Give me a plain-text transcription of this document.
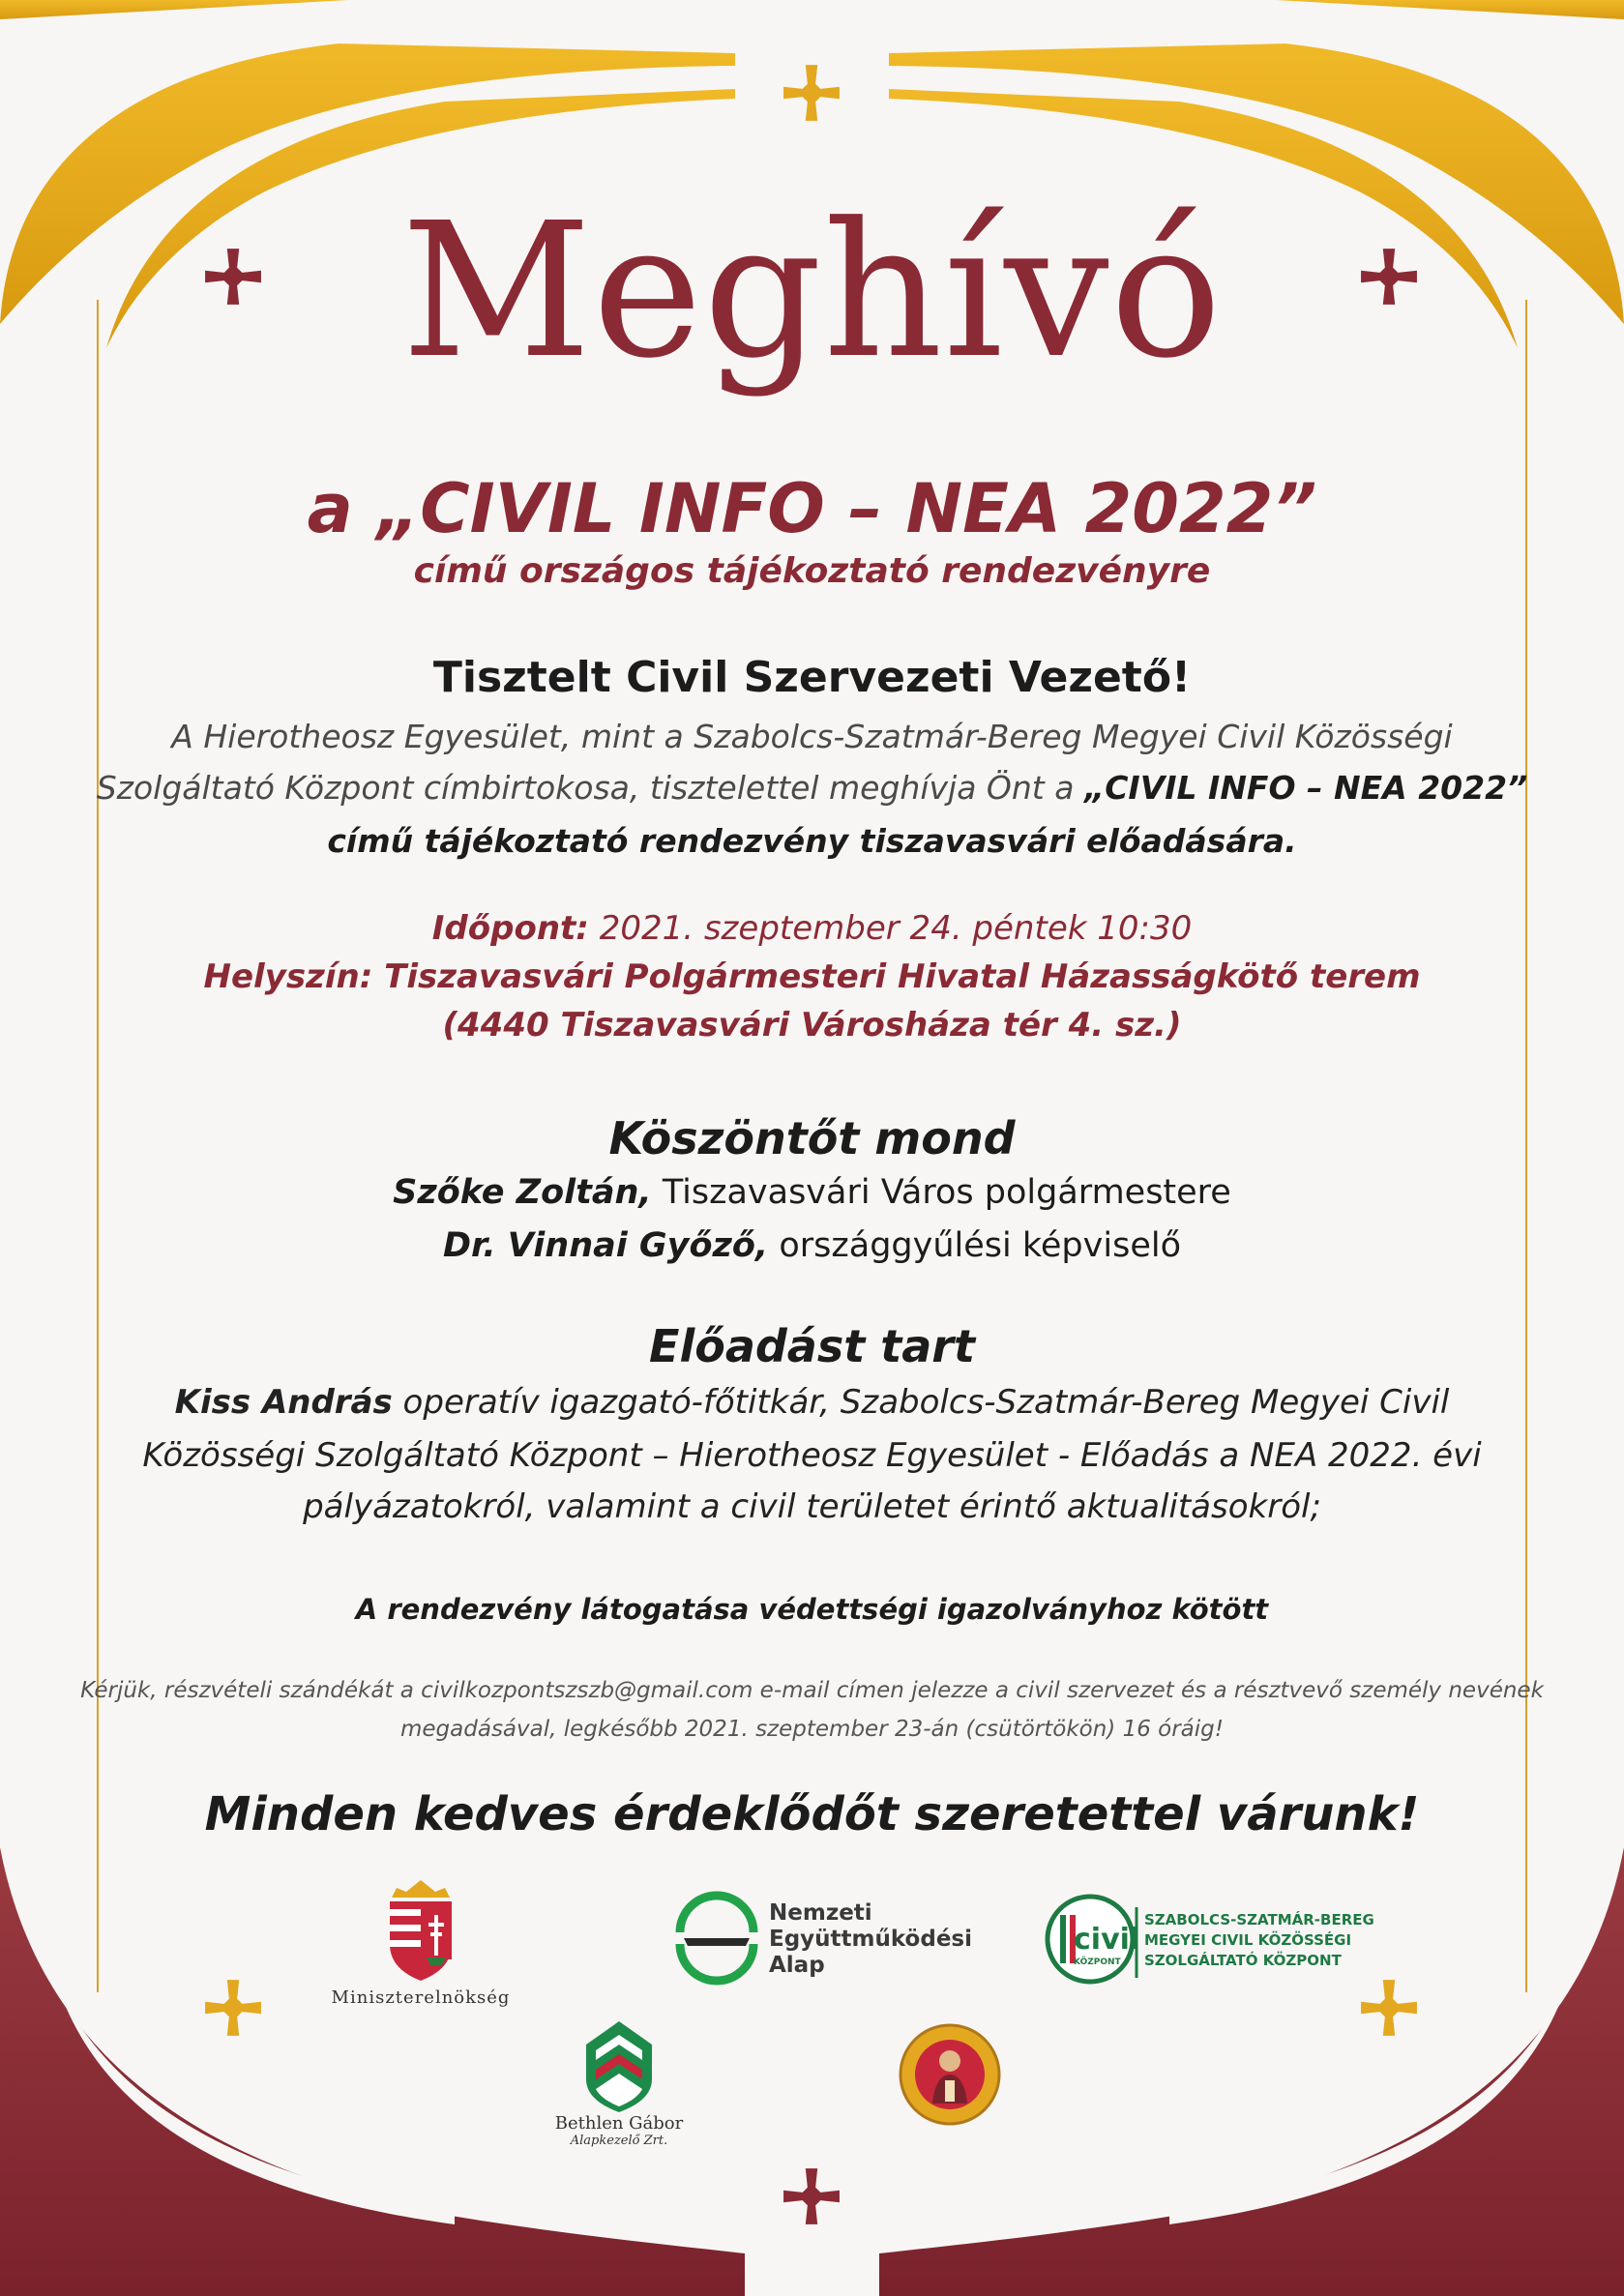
Meghívó
a „CIVIL INFO – NEA 2022”
című országos tájékoztató rendezvényre
Tisztelt Civil Szervezeti Vezető!
A Hierotheosz Egyesület, mint a Szabolcs-Szatmár-Bereg Megyei Civil Közösségi
Szolgáltató Központ címbirtokosa, tisztelettel meghívja Önt a „CIVIL INFO – NEA 2022”
című tájékoztató rendezvény tiszavasvári előadására.
Időpont: 2021. szeptember 24. péntek 10:30
Helyszín: Tiszavasvári Polgármesteri Hivatal Házasságkötő terem
(4440 Tiszavasvári Városháza tér 4. sz.)
Köszöntőt mond
Szőke Zoltán, Tiszavasvári Város polgármestere
Dr. Vinnai Győző, országgyűlési képviselő
Előadást tart
Kiss András operatív igazgató-főtitkár, Szabolcs-Szatmár-Bereg Megyei Civil
Közösségi Szolgáltató Központ – Hierotheosz Egyesület - Előadás a NEA 2022. évi
pályázatokról, valamint a civil területet érintő aktualitásokról;
A rendezvény látogatása védettségi igazolványhoz kötött
Kérjük, részvételi szándékát a civilkozpontszszb@gmail.com e-mail címen jelezze a civil szervezet és a résztvevő személy nevének
megadásával, legkésőbb 2021. szeptember 23-án (csütörtökön) 16 óráig!
Minden kedves érdeklődőt szeretettel várunk!
Miniszterelnökség
Nemzeti
Együttműködési
Alap
civil
KÖZPONT
SZABOLCS-SZATMÁR-BEREG
MEGYEI CIVIL KÖZÖSSÉGI
SZOLGÁLTATÓ KÖZPONT
Bethlen Gábor
Alapkezelő Zrt.
